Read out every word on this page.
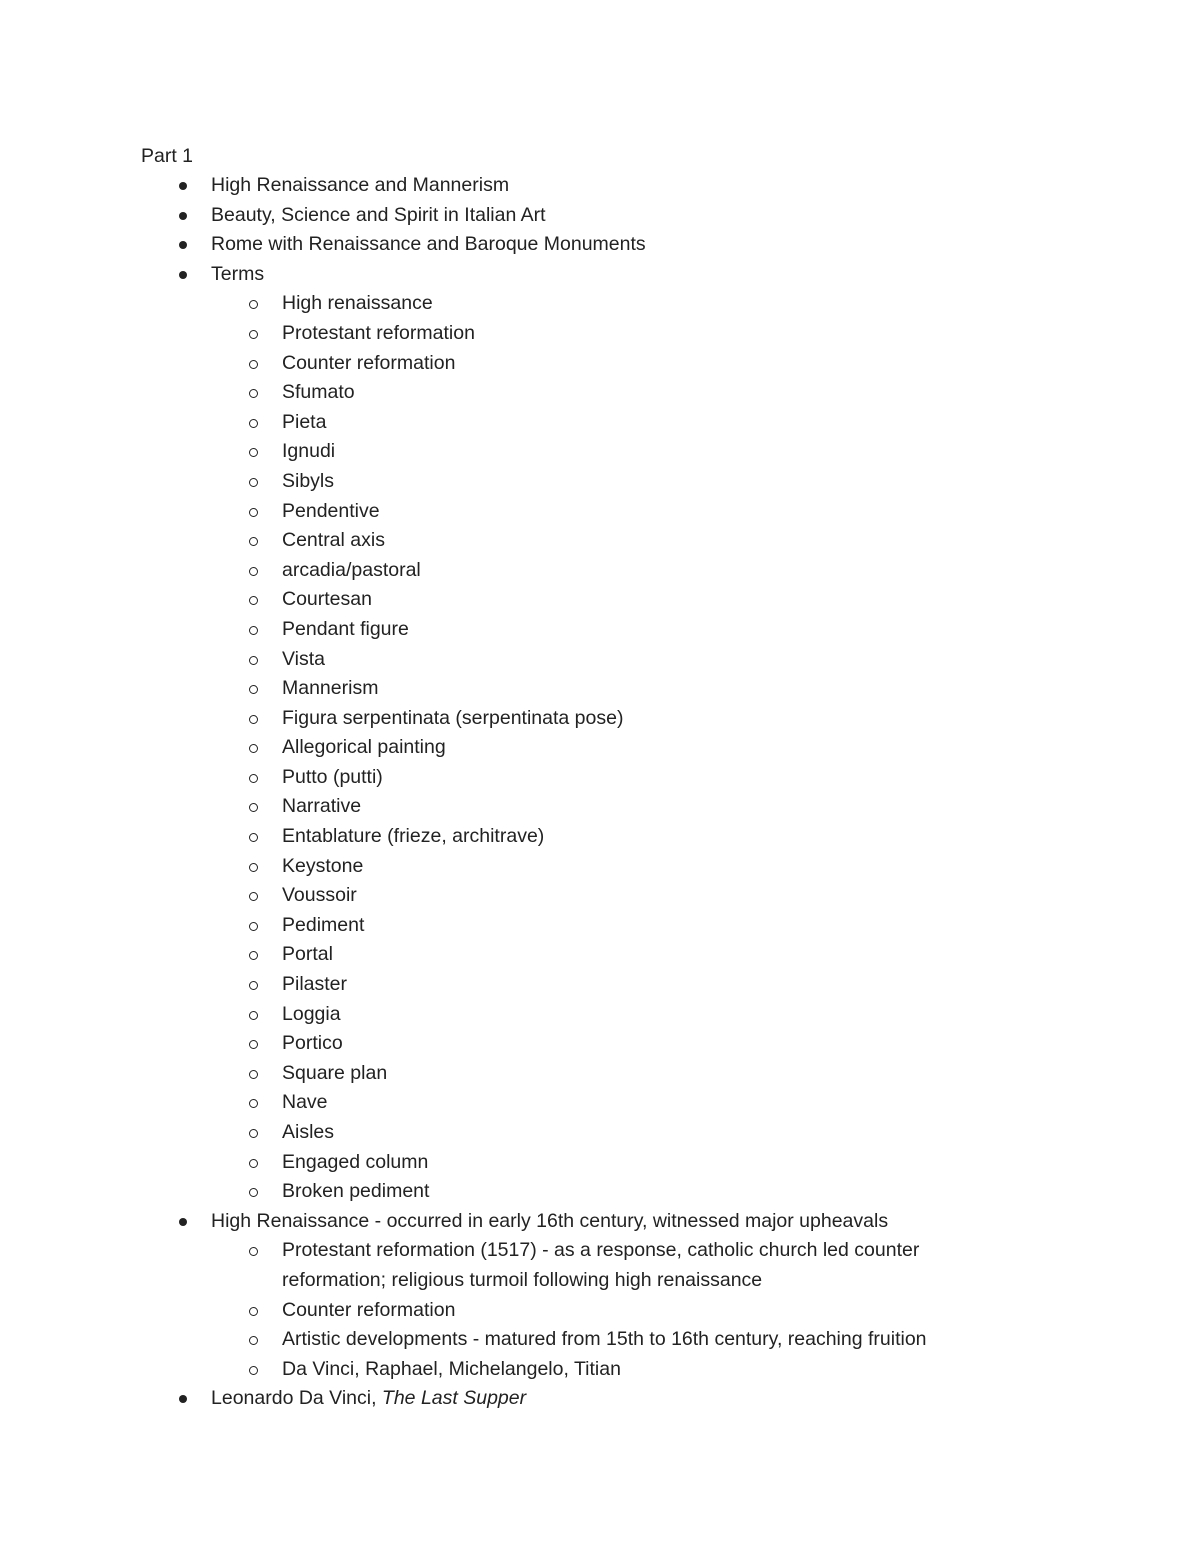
Part 1
High Renaissance and Mannerism
Beauty, Science and Spirit in Italian Art
Rome with Renaissance and Baroque Monuments
Terms
High renaissance
Protestant reformation
Counter reformation
Sfumato
Pieta
Ignudi
Sibyls
Pendentive
Central axis
arcadia/pastoral
Courtesan
Pendant figure
Vista
Mannerism
Figura serpentinata (serpentinata pose)
Allegorical painting
Putto (putti)
Narrative
Entablature (frieze, architrave)
Keystone
Voussoir
Pediment
Portal
Pilaster
Loggia
Portico
Square plan
Nave
Aisles
Engaged column
Broken pediment
High Renaissance - occurred in early 16th century, witnessed major upheavals
Protestant reformation (1517) - as a response, catholic church led counter reformation; religious turmoil following high renaissance
Counter reformation
Artistic developments - matured from 15th to 16th century, reaching fruition
Da Vinci, Raphael, Michelangelo, Titian
Leonardo Da Vinci, The Last Supper
